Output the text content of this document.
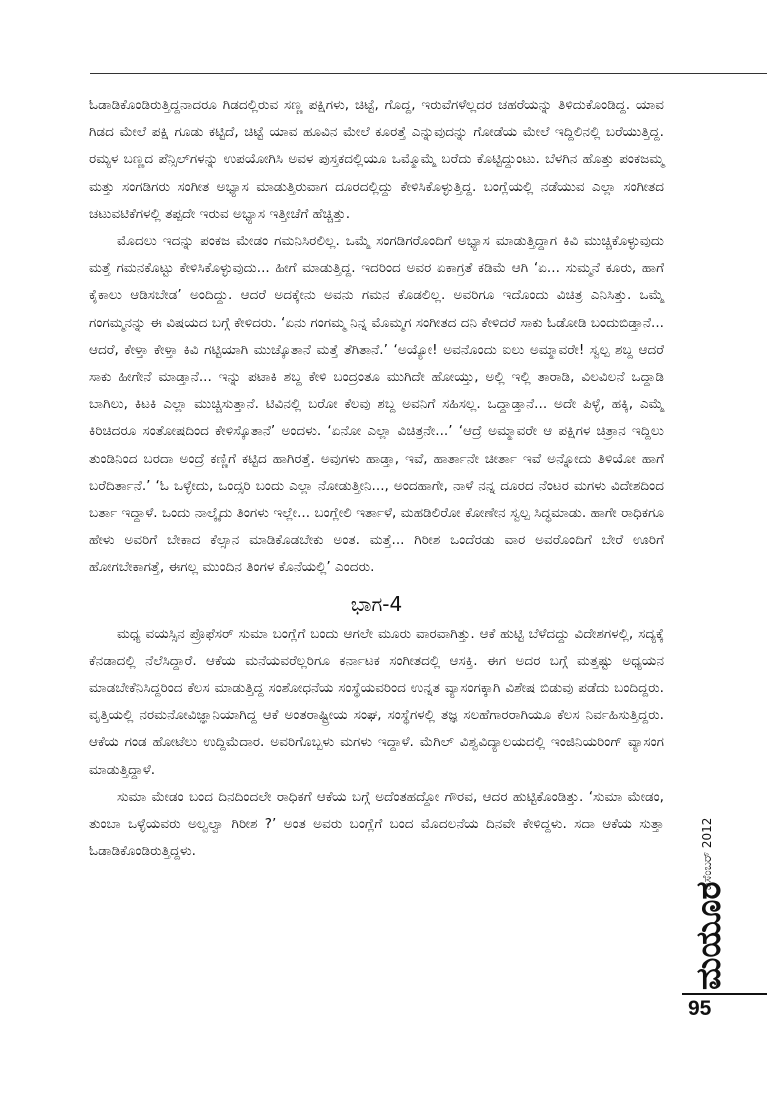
ಓಡಾಡಿಕೊಂಡಿರುತ್ತಿದ್ದನಾದರೂ ಗಿಡದಲ್ಲಿರುವ ಸಣ್ಣ ಪಕ್ಷಿಗಳು, ಚಿಟ್ಟೆ, ಗೊದ್ದ, ಇರುವೆಗಳೆಲ್ಲದರ ಚಹರೆಯನ್ನು ತಿಳಿದುಕೊಂಡಿದ್ದ. ಯಾವ ಗಿಡದ ಮೇಲೆ ಪಕ್ಷಿ ಗೂಡು ಕಟ್ಟಿದೆ, ಚಿಟ್ಟೆ ಯಾವ ಹೂವಿನ ಮೇಲೆ ಕೂರತ್ತೆ ಎನ್ನುವುದನ್ನು ಗೋಡೆಯ ಮೇಲೆ ಇದ್ದಿಲಿನಲ್ಲಿ ಬರೆಯುತ್ತಿದ್ದ. ರಮ್ಯಳ ಬಣ್ಣದ ಪೆನ್ಸಿಲ್‌ಗಳನ್ನು ಉಪಯೋಗಿಸಿ ಅವಳ ಪುಸ್ತಕದಲ್ಲಿಯೂ ಒಮ್ಮೊಮ್ಮೆ ಬರೆದು ಕೊಟ್ಟಿದ್ದುಂಟು. ಬೆಳಗಿನ ಹೊತ್ತು ಪಂಕಜಮ್ಮ ಮತ್ತು ಸಂಗಡಿಗರು ಸಂಗೀತ ಅಭ್ಯಾಸ ಮಾಡುತ್ತಿರುವಾಗ ದೂರದಲ್ಲಿದ್ದು ಕೇಳಿಸಿಕೊಳ್ಳುತ್ತಿದ್ದ. ಬಂಗ್ಲೆಯಲ್ಲಿ ನಡೆಯುವ ಎಲ್ಲಾ ಸಂಗೀತದ ಚಟುವಟಿಕೆಗಳಲ್ಲಿ ತಪ್ಪದೇ ಇರುವ ಅಭ್ಯಾಸ ಇತ್ತೀಚೆಗೆ ಹೆಚ್ಚಿತ್ತು.

ಮೊದಲು ಇದನ್ನು ಪಂಕಜ ಮೇಡಂ ಗಮನಿಸಿರಲಿಲ್ಲ. ಒಮ್ಮೆ ಸಂಗಡಿಗರೊಂದಿಗೆ ಅಭ್ಯಾಸ ಮಾಡುತ್ತಿದ್ದಾಗ ಕಿವಿ ಮುಚ್ಚಿಕೊಳ್ಳುವುದು ಮತ್ತೆ ಗಮನಕೊಟ್ಟು ಕೇಳಿಸಿಕೊಳ್ಳುವುದು... ಹೀಗೆ ಮಾಡುತ್ತಿದ್ದ. ಇದರಿಂದ ಅವರ ಏಕಾಗ್ರತೆ ಕಡಿಮೆ ಆಗಿ ‘ಏ... ಸುಮ್ಮನೆ ಕೂರು, ಹಾಗೆ ಕೈಕಾಲು ಆಡಿಸಬೇಡ’ ಅಂದಿದ್ದು. ಆದರೆ ಅದಕ್ಕೇನು ಅವನು ಗಮನ ಕೊಡಲಿಲ್ಲ. ಅವರಿಗೂ ಇದೊಂದು ವಿಚಿತ್ರ ಎನಿಸಿತ್ತು. ಒಮ್ಮೆ ಗಂಗಮ್ಮನನ್ನು ಈ ವಿಷಯದ ಬಗ್ಗೆ ಕೇಳಿದರು. ‘ಏನು ಗಂಗಮ್ಮ ನಿನ್ನ ಮೊಮ್ಮಗ ಸಂಗೀತದ ದನಿ ಕೇಳಿದರೆ ಸಾಕು ಓಡೋಡಿ ಬಂದುಬಿಡ್ತಾನೆ... ಆದರೆ, ಕೇಳ್ತಾ ಕೇಳ್ತಾ ಕಿವಿ ಗಟ್ಟಿಯಾಗಿ ಮುಚ್ಕೊತಾನೆ ಮತ್ತೆ ತೆಗಿತಾನೆ.’ ‘ಅಯ್ಯೋ! ಅವನೊಂದು ಐಲು ಅಮ್ಮಾವರೇ! ಸ್ವಲ್ಪ ಶಬ್ದ ಆದರೆ ಸಾಕು ಹೀಗೇನೆ ಮಾಡ್ತಾನೆ... ಇನ್ನು ಪಟಾಕಿ ಶಬ್ದ ಕೇಳಿ ಬಂದ್ರಂತೂ ಮುಗಿದೇ ಹೋಯ್ತು, ಅಲ್ಲಿ ಇಲ್ಲಿ ತಾರಾಡಿ, ವಿಲವಿಲನೆ ಒದ್ದಾಡಿ ಬಾಗಿಲು, ಕಿಟಕಿ ಎಲ್ಲಾ ಮುಚ್ಚಿಸುತ್ತಾನೆ. ಟಿವಿನಲ್ಲಿ ಬರೋ ಕೆಲವು ಶಬ್ದ ಅವನಿಗೆ ಸಹಿಸಲ್ಲ. ಒದ್ದಾಡ್ತಾನೆ... ಅದೇ ಪಿಳ್ಳೆ, ಹಕ್ಕಿ, ಎಮ್ಮೆ ಕಿರಿಚಿದರೂ ಸಂತೋಷದಿಂದ ಕೇಳಿಸ್ಕೊತಾನೆ’ ಅಂದಳು. ‘ಏನೋ ಎಲ್ಲಾ ವಿಚಿತ್ರನೇ...’ ‘ಆದ್ರೆ ಅಮ್ಮಾವರೇ ಆ ಪಕ್ಷಿಗಳ ಚಿತ್ರಾನ ಇದ್ದಿಲು ತುಂಡಿನಿಂದ ಬರದಾ ಅಂದ್ರೆ ಕಣ್ಣಿಗೆ ಕಟ್ಟಿದ ಹಾಗಿರತ್ತೆ. ಅವುಗಳು ಹಾಡ್ತಾ, ಇವೆ, ಹಾರ್ತಾನೇ ಚೀರ್ತಾ ಇವೆ ಅನ್ನೋದು ತಿಳಿಯೋ ಹಾಗೆ ಬರೆದಿರ್ತಾನೆ.’ ‘ಓ ಒಳ್ಳೇದು, ಒಂದ್ಸರಿ ಬಂದು ಎಲ್ಲಾ ನೋಡುತ್ತೀನಿ..., ಅಂದಹಾಗೇ, ನಾಳೆ ನನ್ನ ದೂರದ ನೆಂಟರ ಮಗಳು ವಿದೇಶದಿಂದ ಬರ್ತಾ ಇದ್ದಾಳೆ. ಒಂದು ನಾಲ್ಕೈದು ತಿಂಗಳು ಇಲ್ಲೇ... ಬಂಗ್ಲೇಲಿ ಇರ್ತಾಳೆ, ಮಹಡಿಲಿರೋ ಕೋಣೇನ ಸ್ವಲ್ಪ ಸಿದ್ಧಮಾಡು. ಹಾಗೇ ರಾಧಿಕಗೂ ಹೇಳು ಅವರಿಗೆ ಬೇಕಾದ ಕೆಲ್ಸಾನ ಮಾಡಿಕೊಡಬೇಕು ಅಂತ. ಮತ್ತೆ... ಗಿರೀಶ ಒಂದೆರಡು ವಾರ ಅವರೊಂದಿಗೆ ಬೇರೆ ಊರಿಗೆ ಹೋಗಬೇಕಾಗತ್ತೆ, ಈಗಲ್ಲ ಮುಂದಿನ ತಿಂಗಳ ಕೊನೆಯಲ್ಲಿ’ ಎಂದರು.

ಭಾಗ-4

ಮಧ್ಯ ವಯಸ್ಸಿನ ಪ್ರೊಫೆಸರ್ ಸುಮಾ ಬಂಗ್ಲೆಗೆ ಬಂದು ಆಗಲೇ ಮೂರು ವಾರವಾಗಿತ್ತು. ಆಕೆ ಹುಟ್ಟಿ ಬೆಳೆದದ್ದು ವಿದೇಶಗಳಲ್ಲಿ, ಸದ್ಯಕ್ಕೆ ಕೆನಡಾದಲ್ಲಿ ನೆಲೆಸಿದ್ದಾರೆ. ಆಕೆಯ ಮನೆಯವರೆಲ್ಲರಿಗೂ ಕರ್ನಾಟಕ ಸಂಗೀತದಲ್ಲಿ ಆಸಕ್ತಿ. ಈಗ ಅದರ ಬಗ್ಗೆ ಮತ್ತಷ್ಟು ಅಧ್ಯಯನ ಮಾಡಬೇಕೆನಿಸಿದ್ದರಿಂದ ಕೆಲಸ ಮಾಡುತ್ತಿದ್ದ ಸಂಶೋಧನೆಯ ಸಂಸ್ಥೆಯವರಿಂದ ಉನ್ನತ ವ್ಯಾಸಂಗಕ್ಕಾಗಿ ವಿಶೇಷ ಬಿಡುವು ಪಡೆದು ಬಂದಿದ್ದರು. ವೃತ್ತಿಯಲ್ಲಿ ನರಮನೋವಿಜ್ಞಾನಿಯಾಗಿದ್ದ ಆಕೆ ಅಂತರಾಷ್ಟ್ರೀಯ ಸಂಘ, ಸಂಸ್ಥೆಗಳಲ್ಲಿ ತಜ್ಞ ಸಲಹೆಗಾರರಾಗಿಯೂ ಕೆಲಸ ನಿರ್ವಹಿಸುತ್ತಿದ್ದರು. ಆಕೆಯ ಗಂಡ ಹೋಟೆಲು ಉದ್ದಿಮೆದಾರ. ಅವರಿಗೊಬ್ಬಳು ಮಗಳು ಇದ್ದಾಳೆ. ಮೆಗಿಲ್ ವಿಶ್ವವಿದ್ಯಾಲಯದಲ್ಲಿ ಇಂಜಿನಿಯರಿಂಗ್ ವ್ಯಾಸಂಗ ಮಾಡುತ್ತಿದ್ದಾಳೆ.

ಸುಮಾ ಮೇಡಂ ಬಂದ ದಿನದಿಂದಲೇ ರಾಧಿಕಗೆ ಆಕೆಯ ಬಗ್ಗೆ ಅದೆಂತಹದ್ದೋ ಗೌರವ, ಆದರ ಹುಟ್ಟಿಕೊಂಡಿತ್ತು. ‘ಸುಮಾ ಮೇಡಂ, ತುಂಬಾ ಒಳ್ಳೆಯವರು ಅಲ್ವಲ್ವಾ ಗಿರೀಶ ?’ ಅಂತ ಅವರು ಬಂಗ್ಲೆಗೆ ಬಂದ ಮೊದಲನೆಯ ದಿನವೇ ಕೇಳಿದ್ದಳು. ಸದಾ ಆಕೆಯ ಸುತ್ತಾ ಓಡಾಡಿಕೊಂಡಿರುತ್ತಿದ್ದಳು.	ಡಿಸೆಂಬರ್ 2012
ಮಯೂರ
95
